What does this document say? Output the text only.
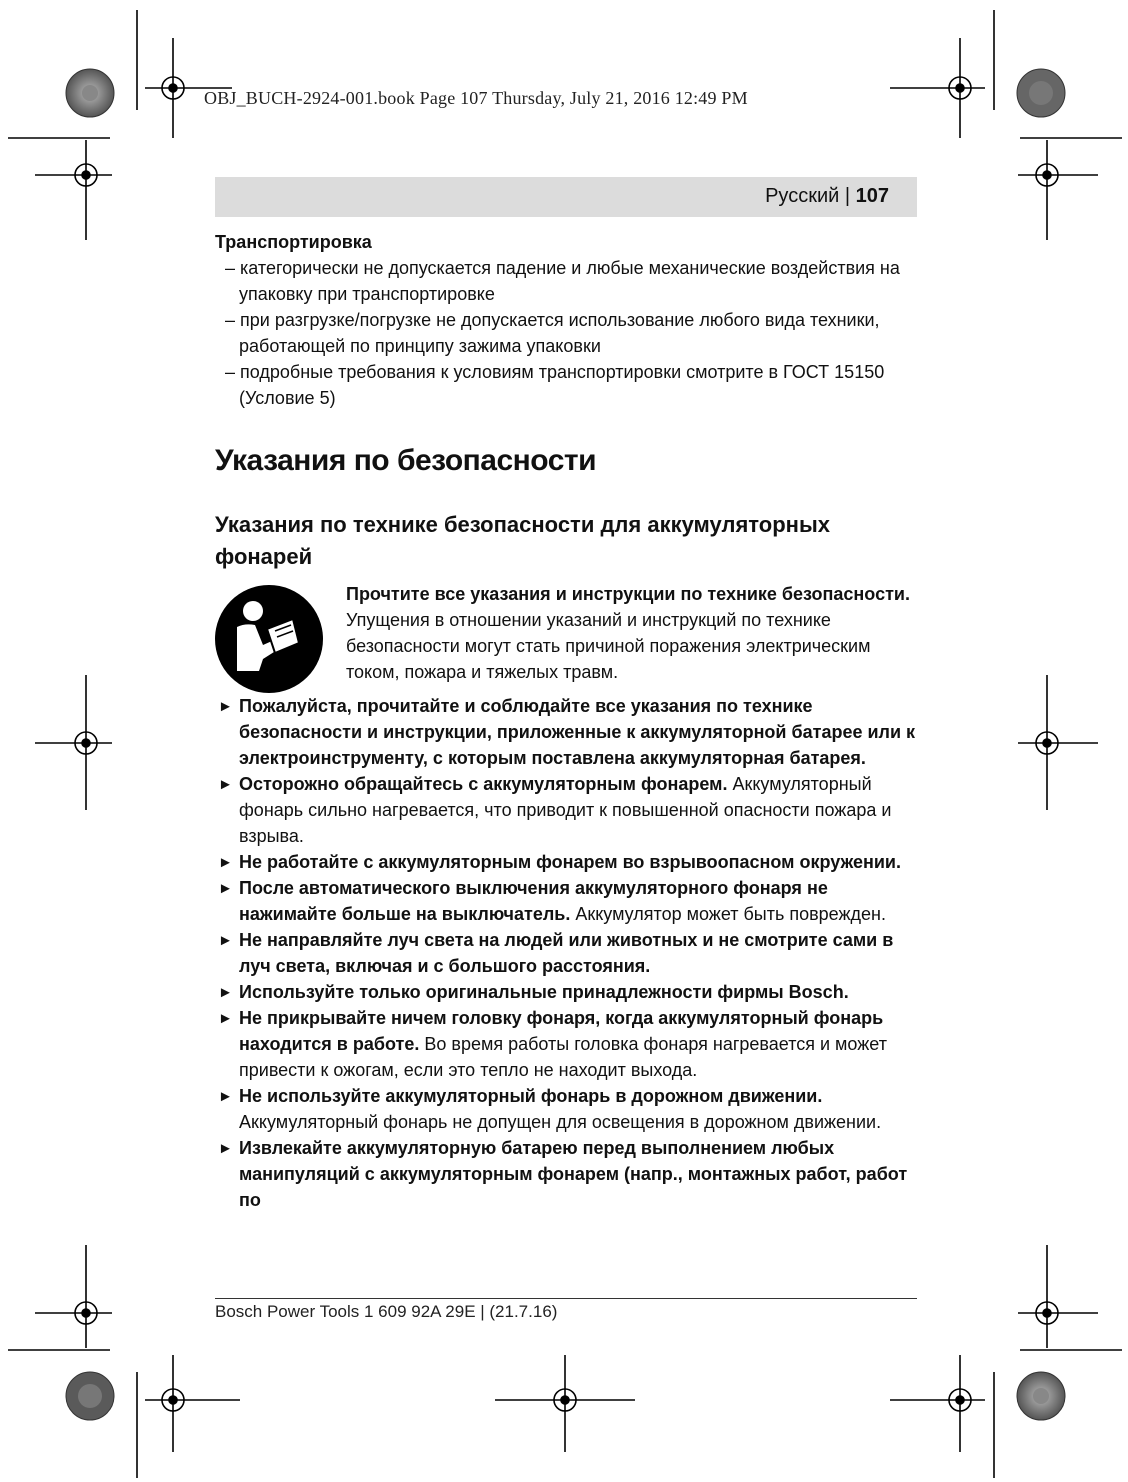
OBJ_BUCH-2924-001.book Page 107 Thursday, July 21, 2016 12:49 PM
Русский | 107

Транспортировка

– категорически не допускается падение и любые механические воздействия на упаковку при транспортировке

– при разгрузке/погрузке не допускается использование любого вида техники, работающей по принципу зажима упаковки

– подробные требования к условиям транспортировки смотрите в ГОСТ 15150 (Условие 5)

Указания по безопасности
Указания по технике безопасности для аккумуляторных фонарей

Прочтите все указания и инструкции по технике безопасности. Упущения в отношении указаний и инструкций по технике безопасности могут стать причиной поражения электрическим током, пожара и тяжелых травм.

► Пожалуйста, прочитайте и соблюдайте все указания по технике безопасности и инструкции, приложенные к аккумуляторной батарее или к электроинструменту, с которым поставлена аккумуляторная батарея.

► Осторожно обращайтесь с аккумуляторным фонарем. Аккумуляторный фонарь сильно нагревается, что приводит к повышенной опасности пожара и взрыва.

► Не работайте с аккумуляторным фонарем во взрывоопасном окружении.

► После автоматического выключения аккумуляторного фонаря не нажимайте больше на выключатель. Аккумулятор может быть поврежден.

► Не направляйте луч света на людей или животных и не смотрите сами в луч света, включая и с большого расстояния.

► Используйте только оригинальные принадлежности фирмы Bosch.

► Не прикрывайте ничем головку фонаря, когда аккумуляторный фонарь находится в работе. Во время работы головка фонаря нагревается и может привести к ожогам, если это тепло не находит выхода.

► Не используйте аккумуляторный фонарь в дорожном движении. Аккумуляторный фонарь не допущен для освещения в дорожном движении.

► Извлекайте аккумуляторную батарею перед выполнением любых манипуляций с аккумуляторным фонарем (напр., монтажных работ, работ по

Bosch Power Tools 1 609 92A 29E | (21.7.16)
